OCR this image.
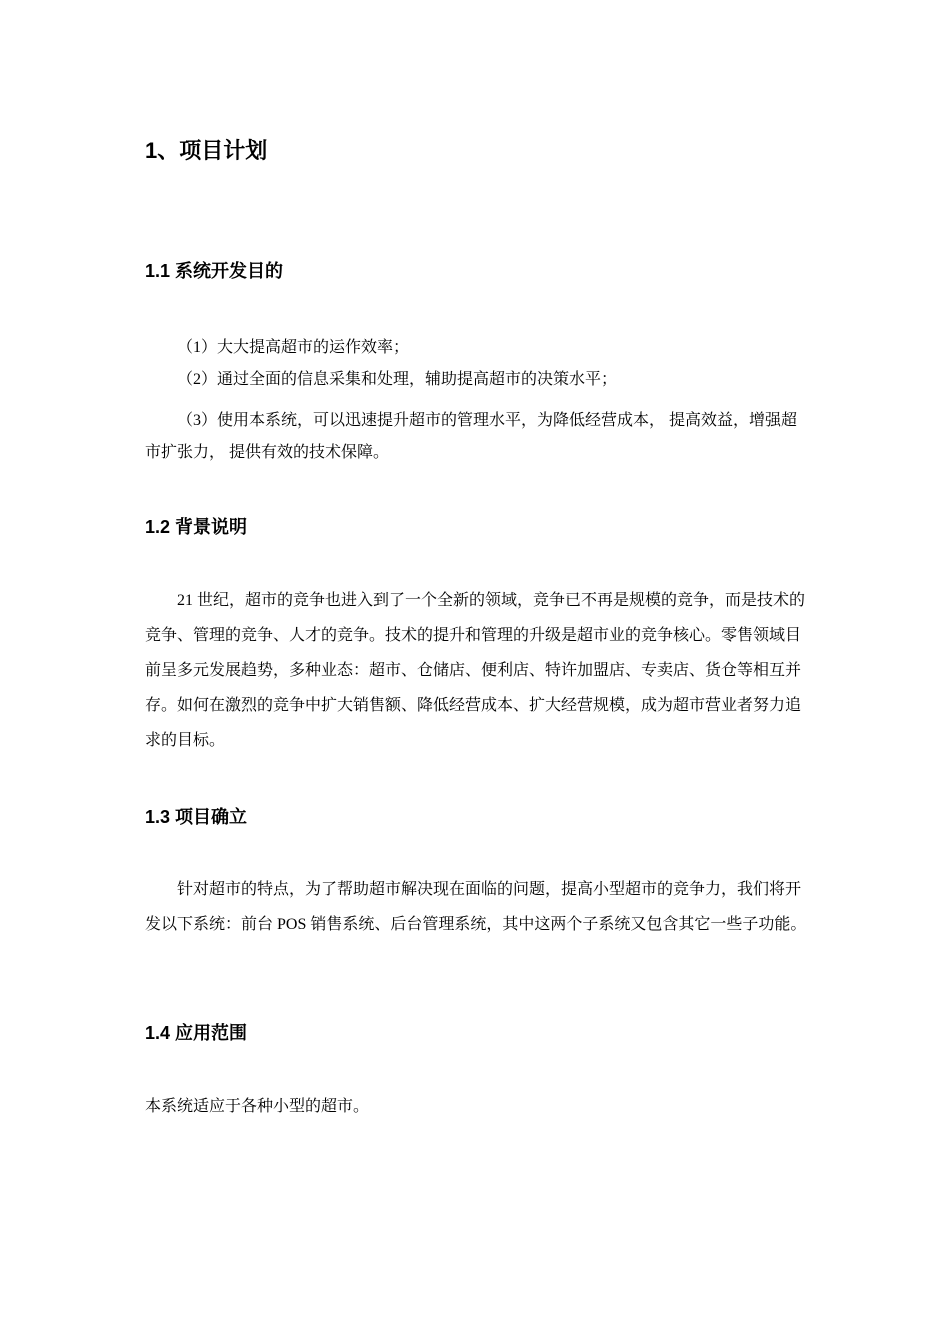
1、项目计划
1.1 系统开发目的

（1）大大提高超市的运作效率；

（2）通过全面的信息采集和处理，辅助提高超市的决策水平；

（3）使用本系统，可以迅速提升超市的管理水平，为降低经营成本， 提高效益，增强超市扩张力， 提供有效的技术保障。

1.2 背景说明

21 世纪，超市的竞争也进入到了一个全新的领域，竞争已不再是规模的竞争，而是技术的竞争、管理的竞争、人才的竞争。技术的提升和管理的升级是超市业的竞争核心。零售领域目前呈多元发展趋势，多种业态：超市、仓储店、便利店、特许加盟店、专卖店、货仓等相互并存。如何在激烈的竞争中扩大销售额、降低经营成本、扩大经营规模，成为超市营业者努力追求的目标。

1.3 项目确立

针对超市的特点，为了帮助超市解决现在面临的问题，提高小型超市的竞争力，我们将开发以下系统：前台 POS 销售系统、后台管理系统，其中这两个子系统又包含其它一些子功能。

1.4 应用范围

本系统适应于各种小型的超市。
